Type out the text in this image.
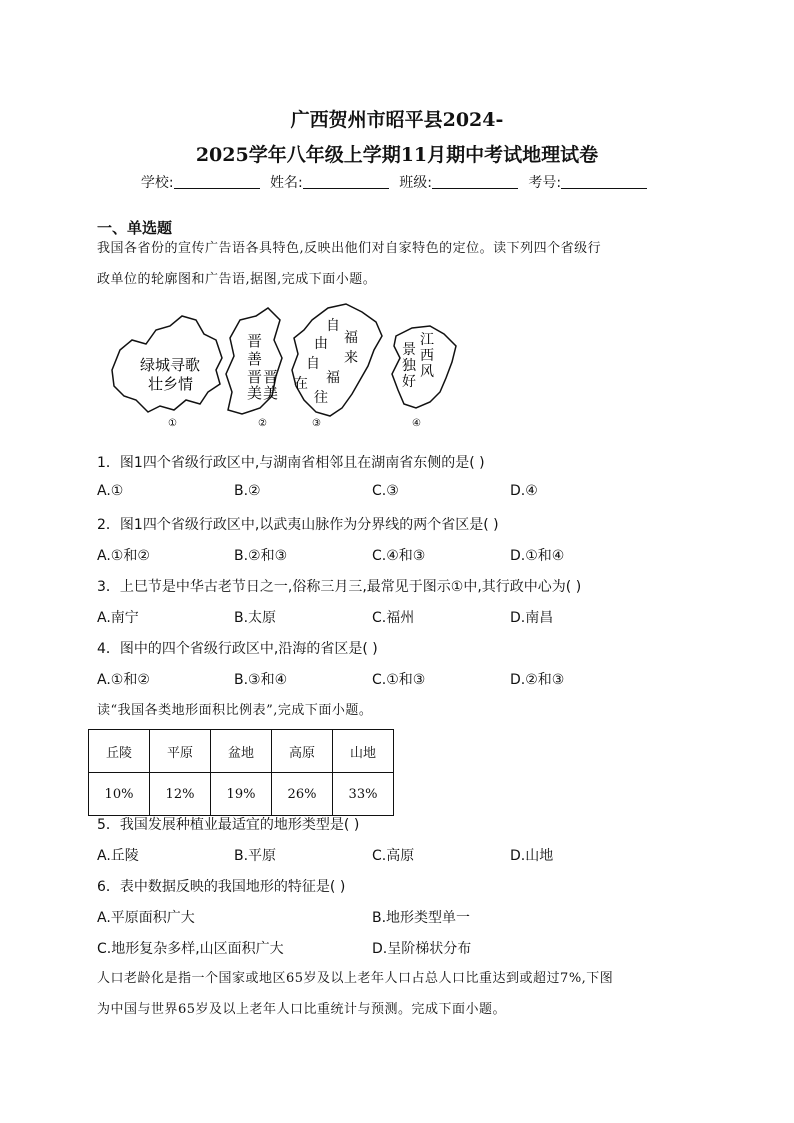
广西贺州市昭平县2024-
2025学年八年级上学期11月期中考试地理试卷
学校:	姓名:	班级:	考号:
一、单选题
我国各省份的宣传广告语各具特色,反映出他们对自家特色的定位。读下列四个省级行
政单位的轮廓图和广告语,据图,完成下面小题。
绿城寻歌
壮乡情
①
晋
善
晋
美
晋
美
②
自
福
由
来
自
福
在
往
③
江
景 西
独
好
风
④
1．图1四个省级行政区中,与湖南省相邻且在湖南省东侧的是( )
A.①	B.②	C.③	D.④
2．图1四个省级行政区中,以武夷山脉作为分界线的两个省区是( )
A.①和②	B.②和③	C.④和③	D.①和④
3．上巳节是中华古老节日之一,俗称三月三,最常见于图示①中,其行政中心为( )
A.南宁	B.太原	C.福州	D.南昌
4．图中的四个省级行政区中,沿海的省区是( )
A.①和②	B.③和④	C.①和③	D.②和③
读“我国各类地形面积比例表”,完成下面小题。
丘陵	平原	盆地	高原	山地
10%	12%	19%	26%	33%
5．我国发展种植业最适宜的地形类型是( )
A.丘陵	B.平原	C.高原	D.山地
6．表中数据反映的我国地形的特征是( )
A.平原面积广大	B.地形类型单一
C.地形复杂多样,山区面积广大	D.呈阶梯状分布
人口老龄化是指一个国家或地区65岁及以上老年人口占总人口比重达到或超过7%,下图
为中国与世界65岁及以上老年人口比重统计与预测。完成下面小题。
